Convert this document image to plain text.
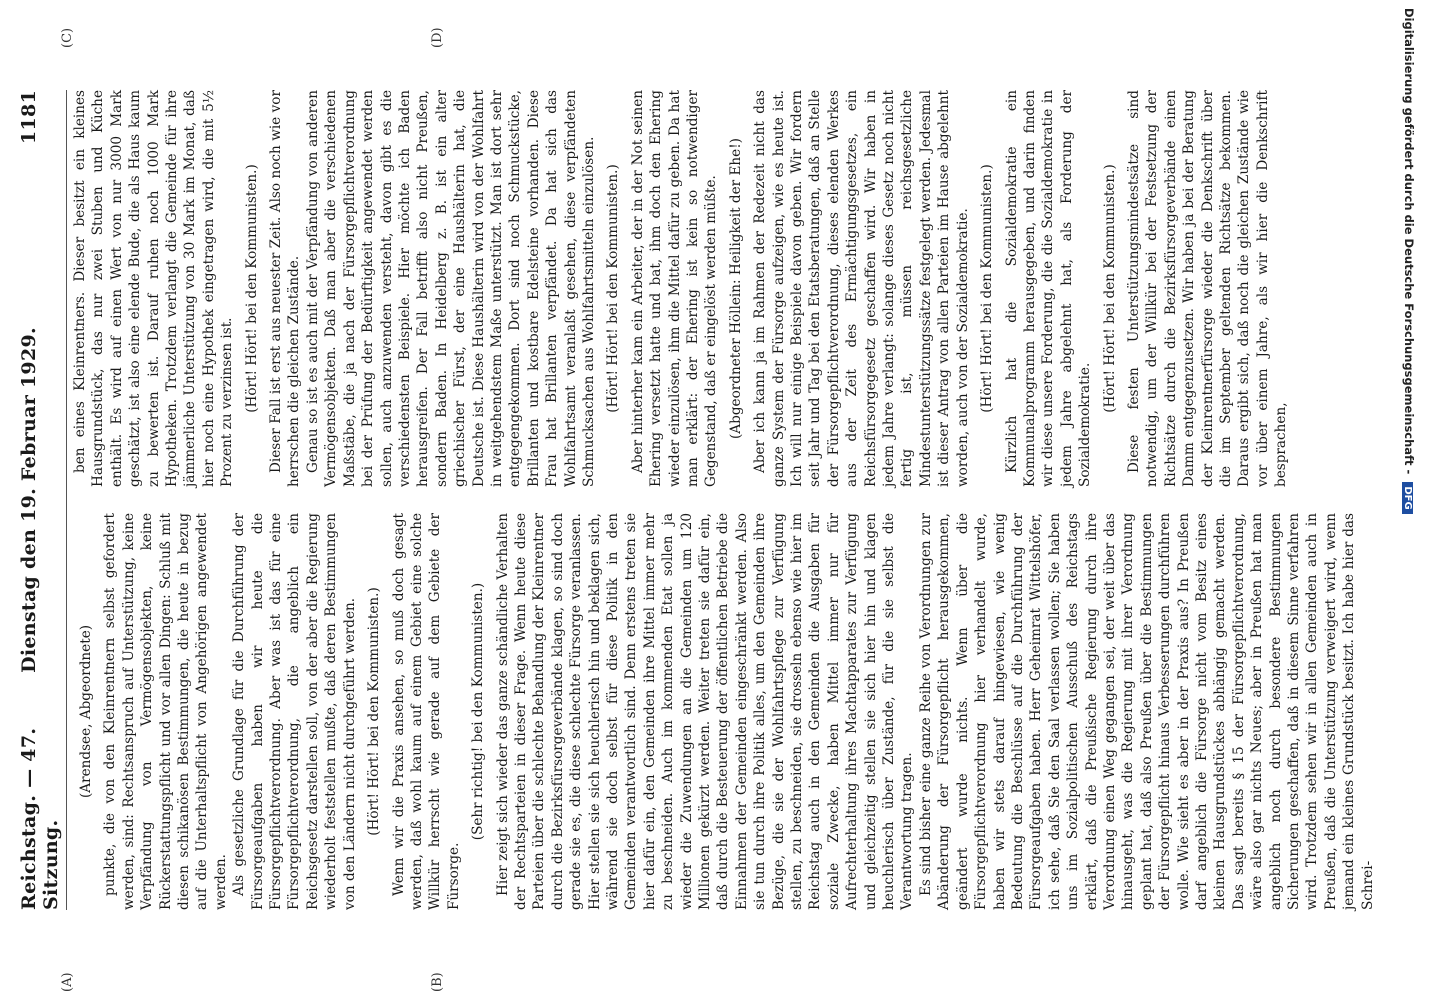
Reichstag. — 47. Sitzung.
Dienstag den 19. Februar 1929.
1181

(Arendsee, Abgeordnete) punkte, die von den Kleinrentnern selbst gefordert werden, sind: Rechtsanspruch auf Unterstützung, keine Verpfändung von Vermögensobjekten, keine Rückerstattungspflicht und vor allen Dingen: Schluß mit diesen schikanösen Bestimmungen, die heute in bezug auf die Unterhaltspflicht von Angehörigen angewendet werden. Als gesetzliche Grundlage für die Durchführung der Fürsorgeaufgaben haben wir heute die Fürsorgepflichtverordnung. Aber was ist das für eine Fürsorgepflichtverordnung, die angeblich ein Reichsgesetz darstellen soll, von der aber die Regierung wiederholt feststellen mußte, daß deren Bestimmungen von den Ländern nicht durchgeführt werden. (Hört! Hört! bei den Kommunisten.) Wenn wir die Praxis ansehen, so muß doch gesagt werden, daß wohl kaum auf einem Gebiet eine solche Willkür herrscht wie gerade auf dem Gebiete der Fürsorge.

(Sehr richtig! bei den Kommunisten.) Hier zeigt sich wieder das ganze schändliche Verhalten der Rechtsparteien in dieser Frage. Wenn heute diese Parteien über die schlechte Behandlung der Kleinrentner durch die Bezirksfürsorgeverbände klagen, so sind doch gerade sie es, die diese schlechte Fürsorge veranlassen. Hier stellen sie sich heuchlerisch hin und beklagen sich, während sie doch selbst für diese Politik in den Gemeinden verantwortlich sind. Denn erstens treten sie hier dafür ein, den Gemeinden ihre Mittel immer mehr zu beschneiden. Auch im kommenden Etat sollen ja wieder die Zuwendungen an die Gemeinden um 120 Millionen gekürzt werden. Weiter treten sie dafür ein, daß durch die Besteuerung der öffentlichen Betriebe die Einnahmen der Gemeinden eingeschränkt werden. Also sie tun durch ihre Politik alles, um den Gemeinden ihre Bezüge, die sie der Wohlfahrtspflege zur Verfügung stellen, zu beschneiden, sie drosseln ebenso wie hier im Reichstag auch in den Gemeinden die Ausgaben für soziale Zwecke, haben Mittel immer nur für Aufrechterhaltung ihres Machtapparates zur Verfügung und gleichzeitig stellen sie sich hier hin und klagen heuchlerisch über Zustände, für die sie selbst die Verantwortung tragen. Es sind bisher eine ganze Reihe von Verordnungen zur Abänderung der Fürsorgepflicht herausgekommen, geändert wurde nichts. Wenn über die Fürsorgepflichtverordnung hier verhandelt wurde, haben wir stets darauf hingewiesen, wie wenig Bedeutung die Beschlüsse auf die Durchführung der Fürsorgeaufgaben haben. Herr Geheimrat Wittelshöfer, ich sehe, daß Sie den Saal verlassen wollen; Sie haben uns im Sozialpolitischen Ausschuß des Reichstags erklärt, daß die Preußische Regierung durch ihre Verordnung einen Weg gegangen sei, der weit über das hinausgeht, was die Regierung mit ihrer Verordnung geplant hat, daß also Preußen über die Bestimmungen der Fürsorgepflicht hinaus Verbesserungen durchführen wolle. Wie sieht es aber in der Praxis aus? In Preußen darf angeblich die Fürsorge nicht vom Besitz eines kleinen Hausgrundstückes abhängig gemacht werden. Das sagt bereits § 15 der Fürsorgepflichtverordnung, wäre also gar nichts Neues; aber in Preußen hat man angeblich noch durch besondere Bestimmungen Sicherungen geschaffen, daß in diesem Sinne verfahren wird. Trotzdem sehen wir in allen Gemeinden auch in Preußen, daß die Unterstützung verweigert wird, wenn jemand ein kleines Grundstück besitzt. Ich habe hier das Schrei-

ben eines Kleinrentners. Dieser besitzt ein kleines Hausgrundstück, das nur zwei Stuben und Küche enthält. Es wird auf einen Wert von nur 3000 Mark geschätzt, ist also eine elende Bude, die als Haus kaum zu bewerten ist. Darauf ruhen noch 1000 Mark Hypotheken. Trotzdem verlangt die Gemeinde für ihre jämmerliche Unterstützung von 30 Mark im Monat, daß hier noch eine Hypothek eingetragen wird, die mit 5½ Prozent zu verzinsen ist. (Hört! Hört! bei den Kommunisten.) Dieser Fall ist erst aus neuester Zeit. Also noch wie vor herrschen die gleichen Zustände. Genau so ist es auch mit der Verpfändung von anderen Vermögensobjekten. Daß man aber die verschiedenen Maßstäbe, die ja nach der Fürsorgepflichtverordnung bei der Prüfung der Bedürftigkeit angewendet werden sollen, auch anzuwenden versteht, davon gibt es die verschiedensten Beispiele. Hier möchte ich Baden herausgreifen. Der Fall betrifft also nicht Preußen, sondern Baden. In Heidelberg z. B. ist ein alter griechischer Fürst, der eine Haushälterin hat, die Deutsche ist. Diese Haushälterin wird von der Wohlfahrt in weitgehendstem Maße unterstützt. Man ist dort sehr entgegengekommen. Dort sind noch Schmuckstücke, Brillanten und kostbare Edelsteine vorhanden. Diese Frau hat Brillanten verpfändet. Da hat sich das Wohlfahrtsamt veranlaßt gesehen, diese verpfändeten Schmucksachen aus Wohlfahrtsmitteln einzulösen. (Hört! Hört! bei den Kommunisten.) Aber hinterher kam ein Arbeiter, der in der Not seinen Ehering versetzt hatte und bat, ihm doch den Ehering wieder einzulösen, ihm die Mittel dafür zu geben. Da hat man erklärt: der Ehering ist kein so notwendiger Gegenstand, daß er eingelöst werden müßte. (Abgeordneter Höllein: Heiligkeit der Ehe!) Aber ich kann ja im Rahmen der Redezeit nicht das ganze System der Fürsorge aufzeigen, wie es heute ist. Ich will nur einige Beispiele davon geben. Wir fordern seit Jahr und Tag bei den Etatsberatungen, daß an Stelle der Fürsorgepflichtverordnung, dieses elenden Werkes aus der Zeit des Ermächtigungsgesetzes, ein Reichsfürsorgegesetz geschaffen wird. Wir haben in jedem Jahre verlangt: solange dieses Gesetz noch nicht fertig ist, müssen reichsgesetzliche Mindestunterstützungssätze festgelegt werden. Jedesmal ist dieser Antrag von allen Parteien im Hause abgelehnt worden, auch von der Sozialdemokratie. (Hört! Hört! bei den Kommunisten.) Kürzlich hat die Sozialdemokratie ein Kommunalprogramm herausgegeben, und darin finden wir diese unsere Forderung, die die Sozialdemokratie in jedem Jahre abgelehnt hat, als Forderung der Sozialdemokratie.

(Hört! Hört! bei den Kommunisten.) Diese festen Unterstützungsmindestsätze sind notwendig, um der Willkür bei der Festsetzung der Richtsätze durch die Bezirksfürsorgeverbände einen Damm entgegenzusetzen. Wir haben ja bei der Beratung der Kleinrentnerfürsorge wieder die Denkschrift über die im September geltenden Richtsätze bekommen. Daraus ergibt sich, daß noch die gleichen Zustände wie vor über einem Jahre, als wir hier die Denkschrift besprachen,

(A)	(B)
(C)	(D)	Digitalisierung gefördert durch die Deutsche Forschungsgemeinschaft - DFG
